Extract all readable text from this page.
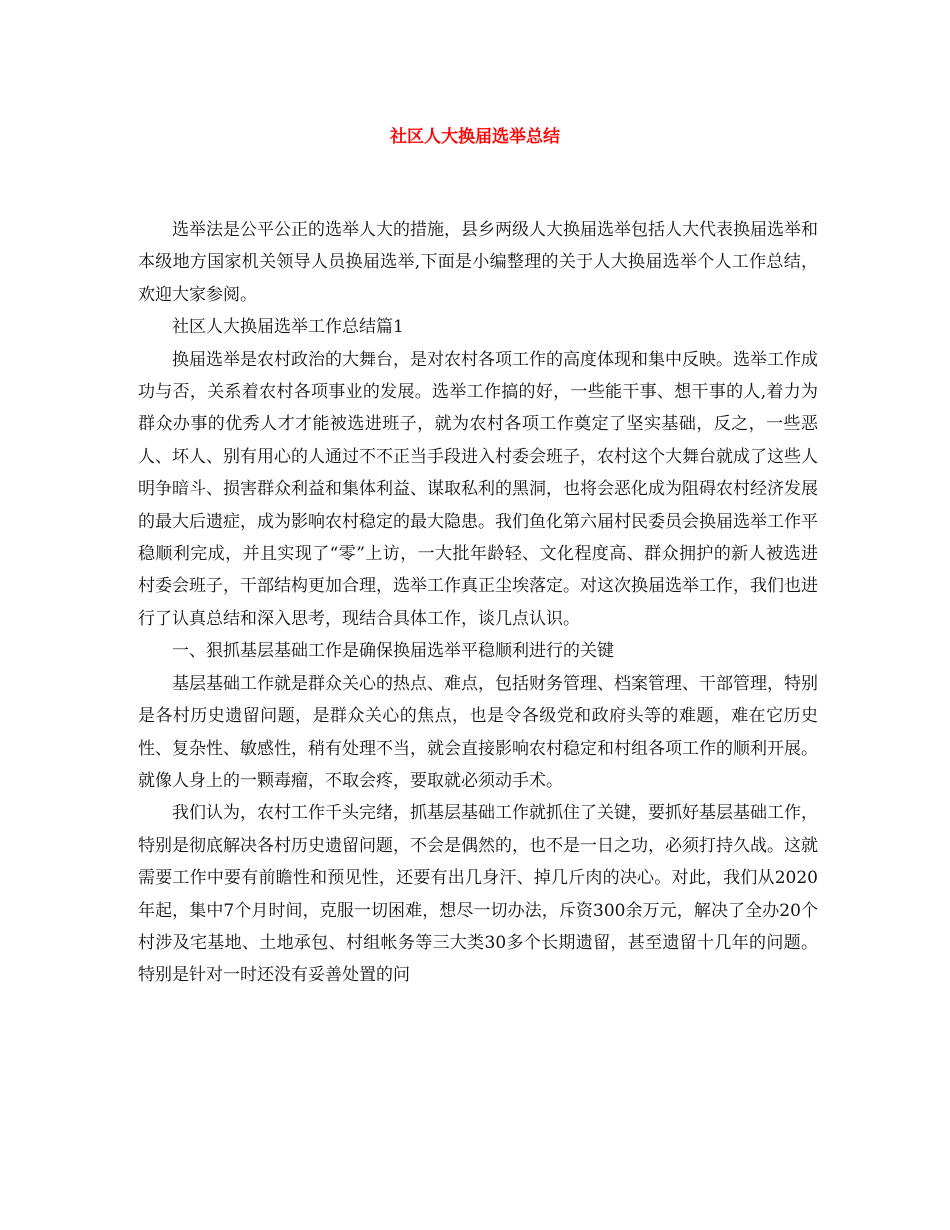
社区人大换届选举总结

选举法是公平公正的选举人大的措施，县乡两级人大换届选举包括人大代表换届选举和本级地方国家机关领导人员换届选举,下面是小编整理的关于人大换届选举个人工作总结，欢迎大家参阅。

社区人大换届选举工作总结篇1

换届选举是农村政治的大舞台，是对农村各项工作的高度体现和集中反映。选举工作成功与否，关系着农村各项事业的发展。选举工作搞的好，一些能干事、想干事的人,着力为群众办事的优秀人才才能被选进班子，就为农村各项工作奠定了坚实基础，反之，一些恶人、坏人、别有用心的人通过不不正当手段进入村委会班子，农村这个大舞台就成了这些人明争暗斗、损害群众利益和集体利益、谋取私利的黑洞，也将会恶化成为阻碍农村经济发展的最大后遗症，成为影响农村稳定的最大隐患。我们鱼化第六届村民委员会换届选举工作平稳顺利完成，并且实现了“零”上访，一大批年龄轻、文化程度高、群众拥护的新人被选进村委会班子，干部结构更加合理，选举工作真正尘埃落定。对这次换届选举工作，我们也进行了认真总结和深入思考，现结合具体工作，谈几点认识。

一、狠抓基层基础工作是确保换届选举平稳顺利进行的关键

基层基础工作就是群众关心的热点、难点，包括财务管理、档案管理、干部管理，特别是各村历史遗留问题，是群众关心的焦点，也是令各级党和政府头等的难题，难在它历史性、复杂性、敏感性，稍有处理不当，就会直接影响农村稳定和村组各项工作的顺利开展。就像人身上的一颗毒瘤，不取会疼，要取就必须动手术。

我们认为，农村工作千头完绪，抓基层基础工作就抓住了关键，要抓好基层基础工作，特别是彻底解决各村历史遗留问题，不会是偶然的，也不是一日之功，必须打持久战。这就需要工作中要有前瞻性和预见性，还要有出几身汗、掉几斤肉的决心。对此，我们从2020年起，集中7个月时间，克服一切困难，想尽一切办法，斥资300余万元，解决了全办20个村涉及宅基地、土地承包、村组帐务等三大类30多个长期遗留，甚至遗留十几年的问题。特别是针对一时还没有妥善处置的问
